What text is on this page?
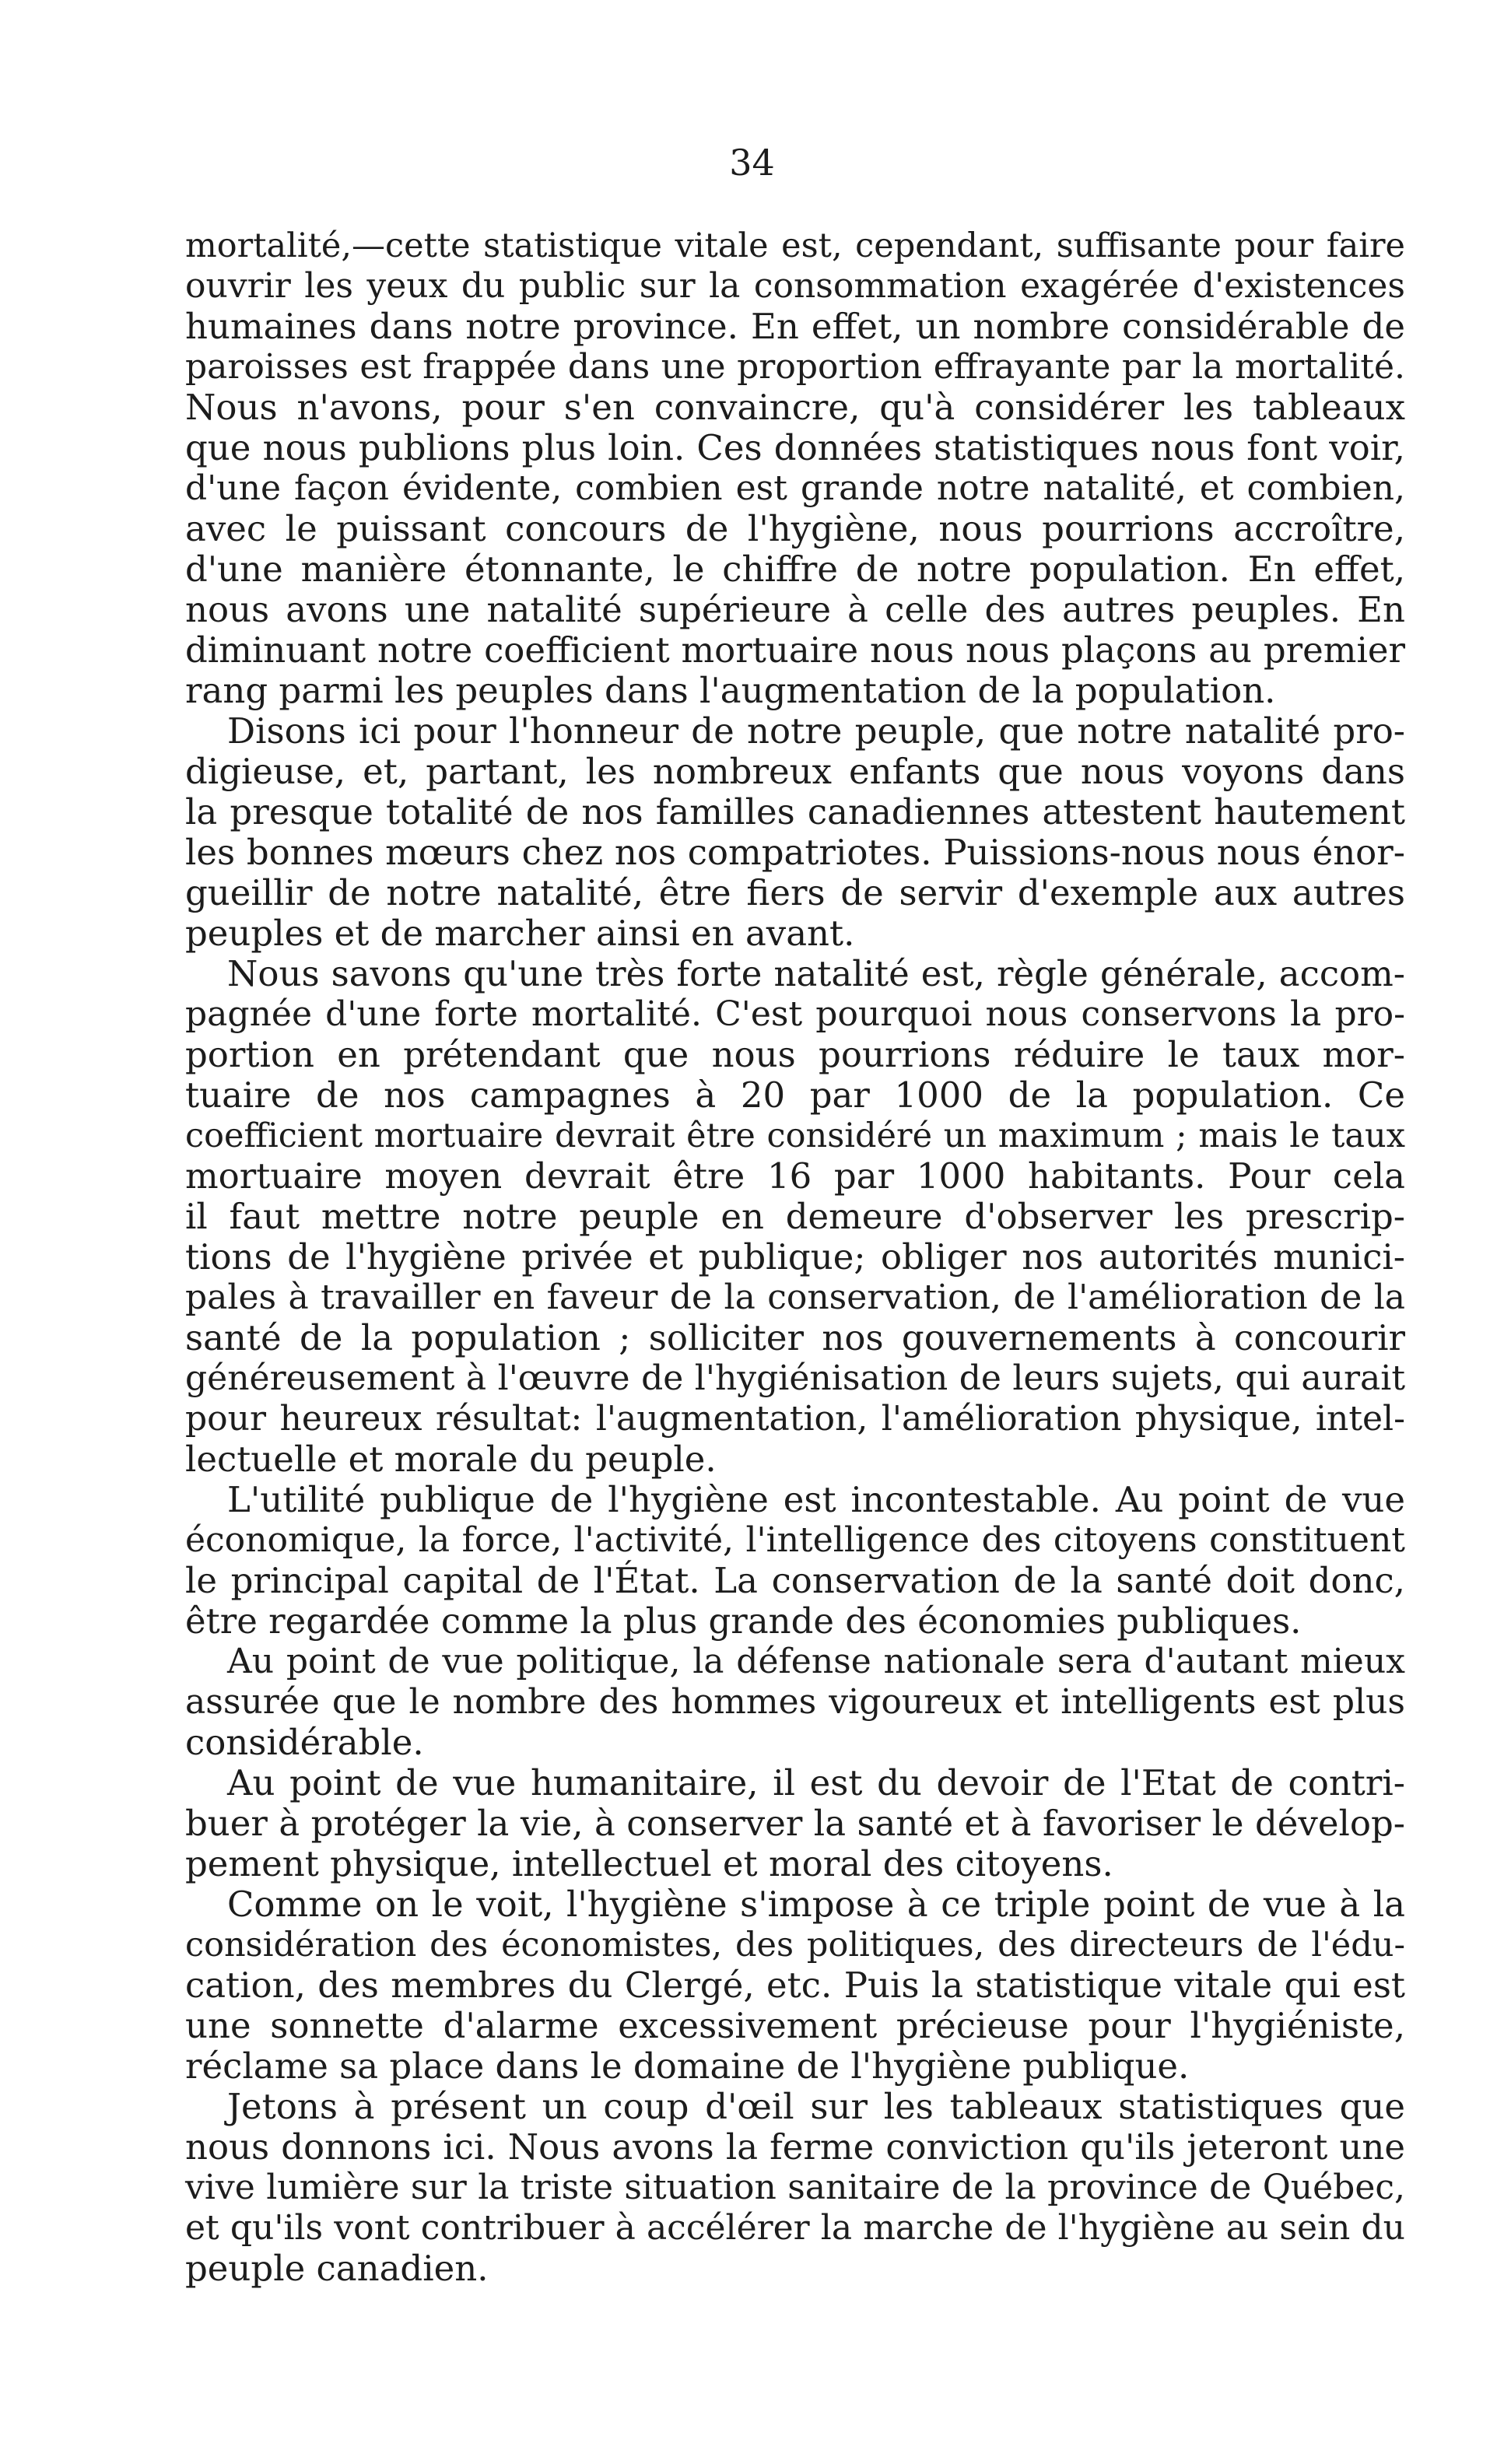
34
mortalité,—cette statistique vitale est, cependant, suffisante pour faire
ouvrir les yeux du public sur la consommation exagérée d'existences
humaines dans notre province. En effet, un nombre considérable de
paroisses est frappée dans une proportion effrayante par la mortalité.
Nous n'avons, pour s'en convaincre, qu'à considérer les tableaux
que nous publions plus loin. Ces données statistiques nous font voir,
d'une façon évidente, combien est grande notre natalité, et combien,
avec le puissant concours de l'hygiène, nous pourrions accroître,
d'une manière étonnante, le chiffre de notre population. En effet,
nous avons une natalité supérieure à celle des autres peuples. En
diminuant notre coefficient mortuaire nous nous plaçons au premier
rang parmi les peuples dans l'augmentation de la population.
Disons ici pour l'honneur de notre peuple, que notre natalité pro-
digieuse, et, partant, les nombreux enfants que nous voyons dans
la presque totalité de nos familles canadiennes attestent hautement
les bonnes mœurs chez nos compatriotes. Puissions-nous nous énor-
gueillir de notre natalité, être fiers de servir d'exemple aux autres
peuples et de marcher ainsi en avant.
Nous savons qu'une très forte natalité est, règle générale, accom-
pagnée d'une forte mortalité. C'est pourquoi nous conservons la pro-
portion en prétendant que nous pourrions réduire le taux mor-
tuaire de nos campagnes à 20 par 1000 de la population. Ce
coefficient mortuaire devrait être considéré un maximum ; mais le taux
mortuaire moyen devrait être 16 par 1000 habitants. Pour cela
il faut mettre notre peuple en demeure d'observer les prescrip-
tions de l'hygiène privée et publique; obliger nos autorités munici-
pales à travailler en faveur de la conservation, de l'amélioration de la
santé de la population ; solliciter nos gouvernements à concourir
généreusement à l'œuvre de l'hygiénisation de leurs sujets, qui aurait
pour heureux résultat: l'augmentation, l'amélioration physique, intel-
lectuelle et morale du peuple.
L'utilité publique de l'hygiène est incontestable. Au point de vue
économique, la force, l'activité, l'intelligence des citoyens constituent
le principal capital de l'État. La conservation de la santé doit donc,
être regardée comme la plus grande des économies publiques.
Au point de vue politique, la défense nationale sera d'autant mieux
assurée que le nombre des hommes vigoureux et intelligents est plus
considérable.
Au point de vue humanitaire, il est du devoir de l'Etat de contri-
buer à protéger la vie, à conserver la santé et à favoriser le dévelop-
pement physique, intellectuel et moral des citoyens.
Comme on le voit, l'hygiène s'impose à ce triple point de vue à la
considération des économistes, des politiques, des directeurs de l'édu-
cation, des membres du Clergé, etc. Puis la statistique vitale qui est
une sonnette d'alarme excessivement précieuse pour l'hygiéniste,
réclame sa place dans le domaine de l'hygiène publique.
Jetons à présent un coup d'œil sur les tableaux statistiques que
nous donnons ici. Nous avons la ferme conviction qu'ils jeteront une
vive lumière sur la triste situation sanitaire de la province de Québec,
et qu'ils vont contribuer à accélérer la marche de l'hygiène au sein du
peuple canadien.
